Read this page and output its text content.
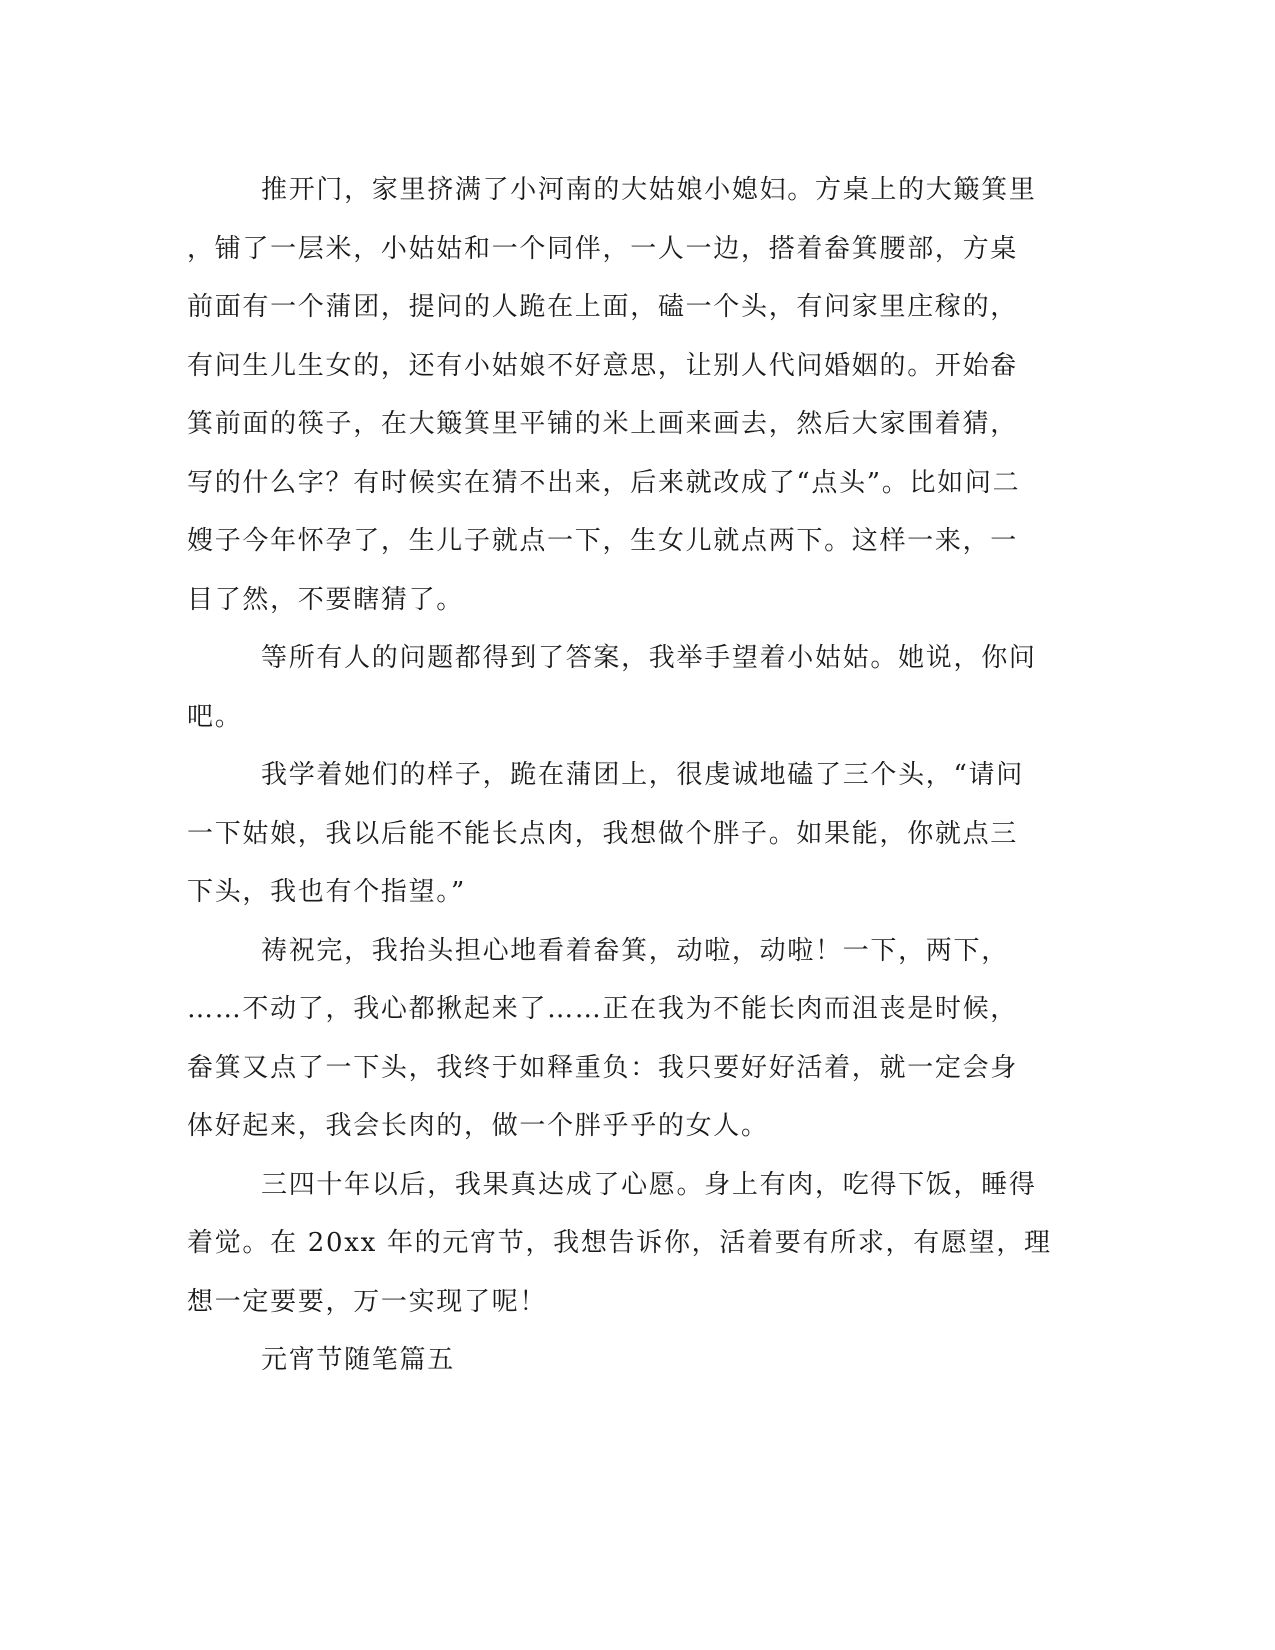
推开门，家里挤满了小河南的大姑娘小媳妇。方桌上的大簸箕里
，铺了一层米，小姑姑和一个同伴，一人一边，搭着畚箕腰部，方桌
前面有一个蒲团，提问的人跪在上面，磕一个头，有问家里庄稼的，
有问生儿生女的，还有小姑娘不好意思，让别人代问婚姻的。开始畚
箕前面的筷子，在大簸箕里平铺的米上画来画去，然后大家围着猜，
写的什么字？有时候实在猜不出来，后来就改成了“点头”。比如问二
嫂子今年怀孕了，生儿子就点一下，生女儿就点两下。这样一来，一
目了然，不要瞎猜了。
等所有人的问题都得到了答案，我举手望着小姑姑。她说，你问
吧。
我学着她们的样子，跪在蒲团上，很虔诚地磕了三个头，“请问
一下姑娘，我以后能不能长点肉，我想做个胖子。如果能，你就点三
下头，我也有个指望。”
祷祝完，我抬头担心地看着畚箕，动啦，动啦！一下，两下，
……不动了，我心都揪起来了……正在我为不能长肉而沮丧是时候，
畚箕又点了一下头，我终于如释重负：我只要好好活着，就一定会身
体好起来，我会长肉的，做一个胖乎乎的女人。
三四十年以后，我果真达成了心愿。身上有肉，吃得下饭，睡得
着觉。在 20xx 年的元宵节，我想告诉你，活着要有所求，有愿望，理
想一定要要，万一实现了呢！
元宵节随笔篇五
